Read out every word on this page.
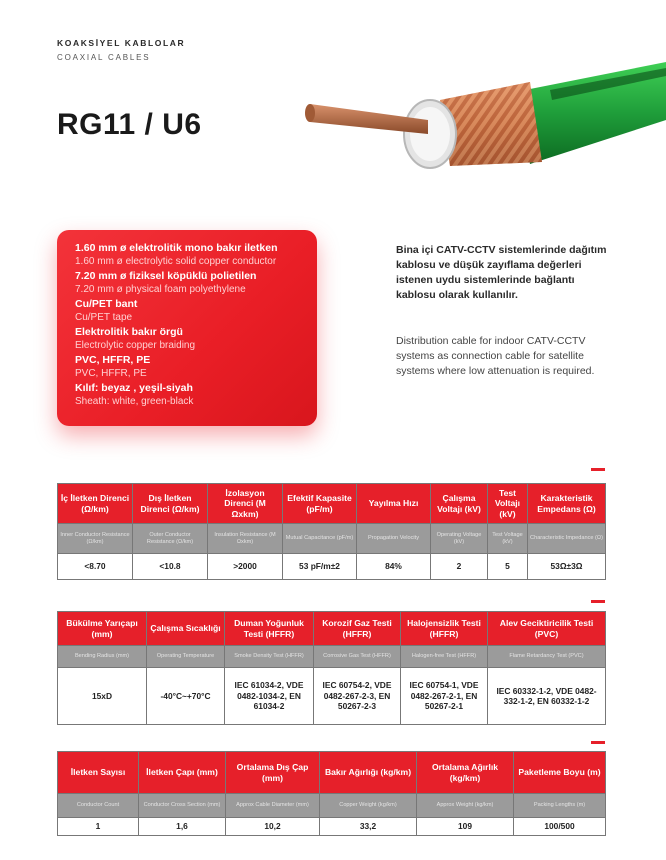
KOAKSİYEL KABLOLAR
COAXIAL CABLES
RG11 / U6
1.60 mm ø elektrolitik mono bakır iletken
1.60 mm ø electrolytic solid copper conductor
7.20 mm ø fiziksel köpüklü polietilen
7.20 mm ø physical foam polyethylene
Cu/PET bant
Cu/PET tape
Elektrolitik bakır örgü
Electrolytic copper braiding
PVC, HFFR, PE
PVC, HFFR, PE
Kılıf: beyaz , yeşil-siyah
Sheath: white, green-black
Bina içi CATV-CCTV sistemlerinde dağıtım kablosu ve düşük zayıflama değerleri istenen uydu sistemlerinde bağlantı kablosu olarak kullanılır.
Distribution cable for indoor CATV-CCTV systems as connection cable for satellite systems where low attenuation is required.
İç İletken Direnci (Ω/km)	Dış İletken Direnci (Ω/km)	İzolasyon Direnci (M Ωxkm)	Efektif Kapasite (pF/m)	Yayılma Hızı	Çalışma Voltajı (kV)	Test Voltajı (kV)	Karakteristik Empedans (Ω)
Inner Conductor Resistance (Ω/km)	Outer Conductor Resistance (Ω/km)	Insulation Resistance (M Ωxkm)	Mutual Capacitance (pF/m)	Propagation Velocity	Operating Voltage (kV)	Test Voltage (kV)	Characteristic Impedance (Ω)
<8.70	<10.8	>2000	53 pF/m±2	84%	2	5	53Ω±3Ω
Bükülme Yarıçapı (mm)	Çalışma Sıcaklığı	Duman Yoğunluk Testi (HFFR)	Korozif Gaz Testi (HFFR)	Halojensizlik Testi (HFFR)	Alev Geciktiricilik Testi (PVC)
Bending Radius (mm)	Operating Temperature	Smoke Density Test (HFFR)	Corrosive Gas Test (HFFR)	Halogen-free Test (HFFR)	Flame Retardancy Test (PVC)
15xD	-40°C~+70°C	IEC 61034-2, VDE 0482-1034-2, EN 61034-2	IEC 60754-2, VDE 0482-267-2-3, EN 50267-2-3	IEC 60754-1, VDE 0482-267-2-1, EN 50267-2-1	IEC 60332-1-2, VDE 0482-332-1-2, EN 60332-1-2
İletken Sayısı	İletken Çapı (mm)	Ortalama Dış Çap (mm)	Bakır Ağırlığı (kg/km)	Ortalama Ağırlık (kg/km)	Paketleme Boyu (m)
Conductor Count	Conductor Cross Section (mm)	Approx Cable Diameter (mm)	Copper Weight (kg/km)	Approx Weight (kg/km)	Packing Lengths (m)
1	1,6	10,2	33,2	109	100/500
